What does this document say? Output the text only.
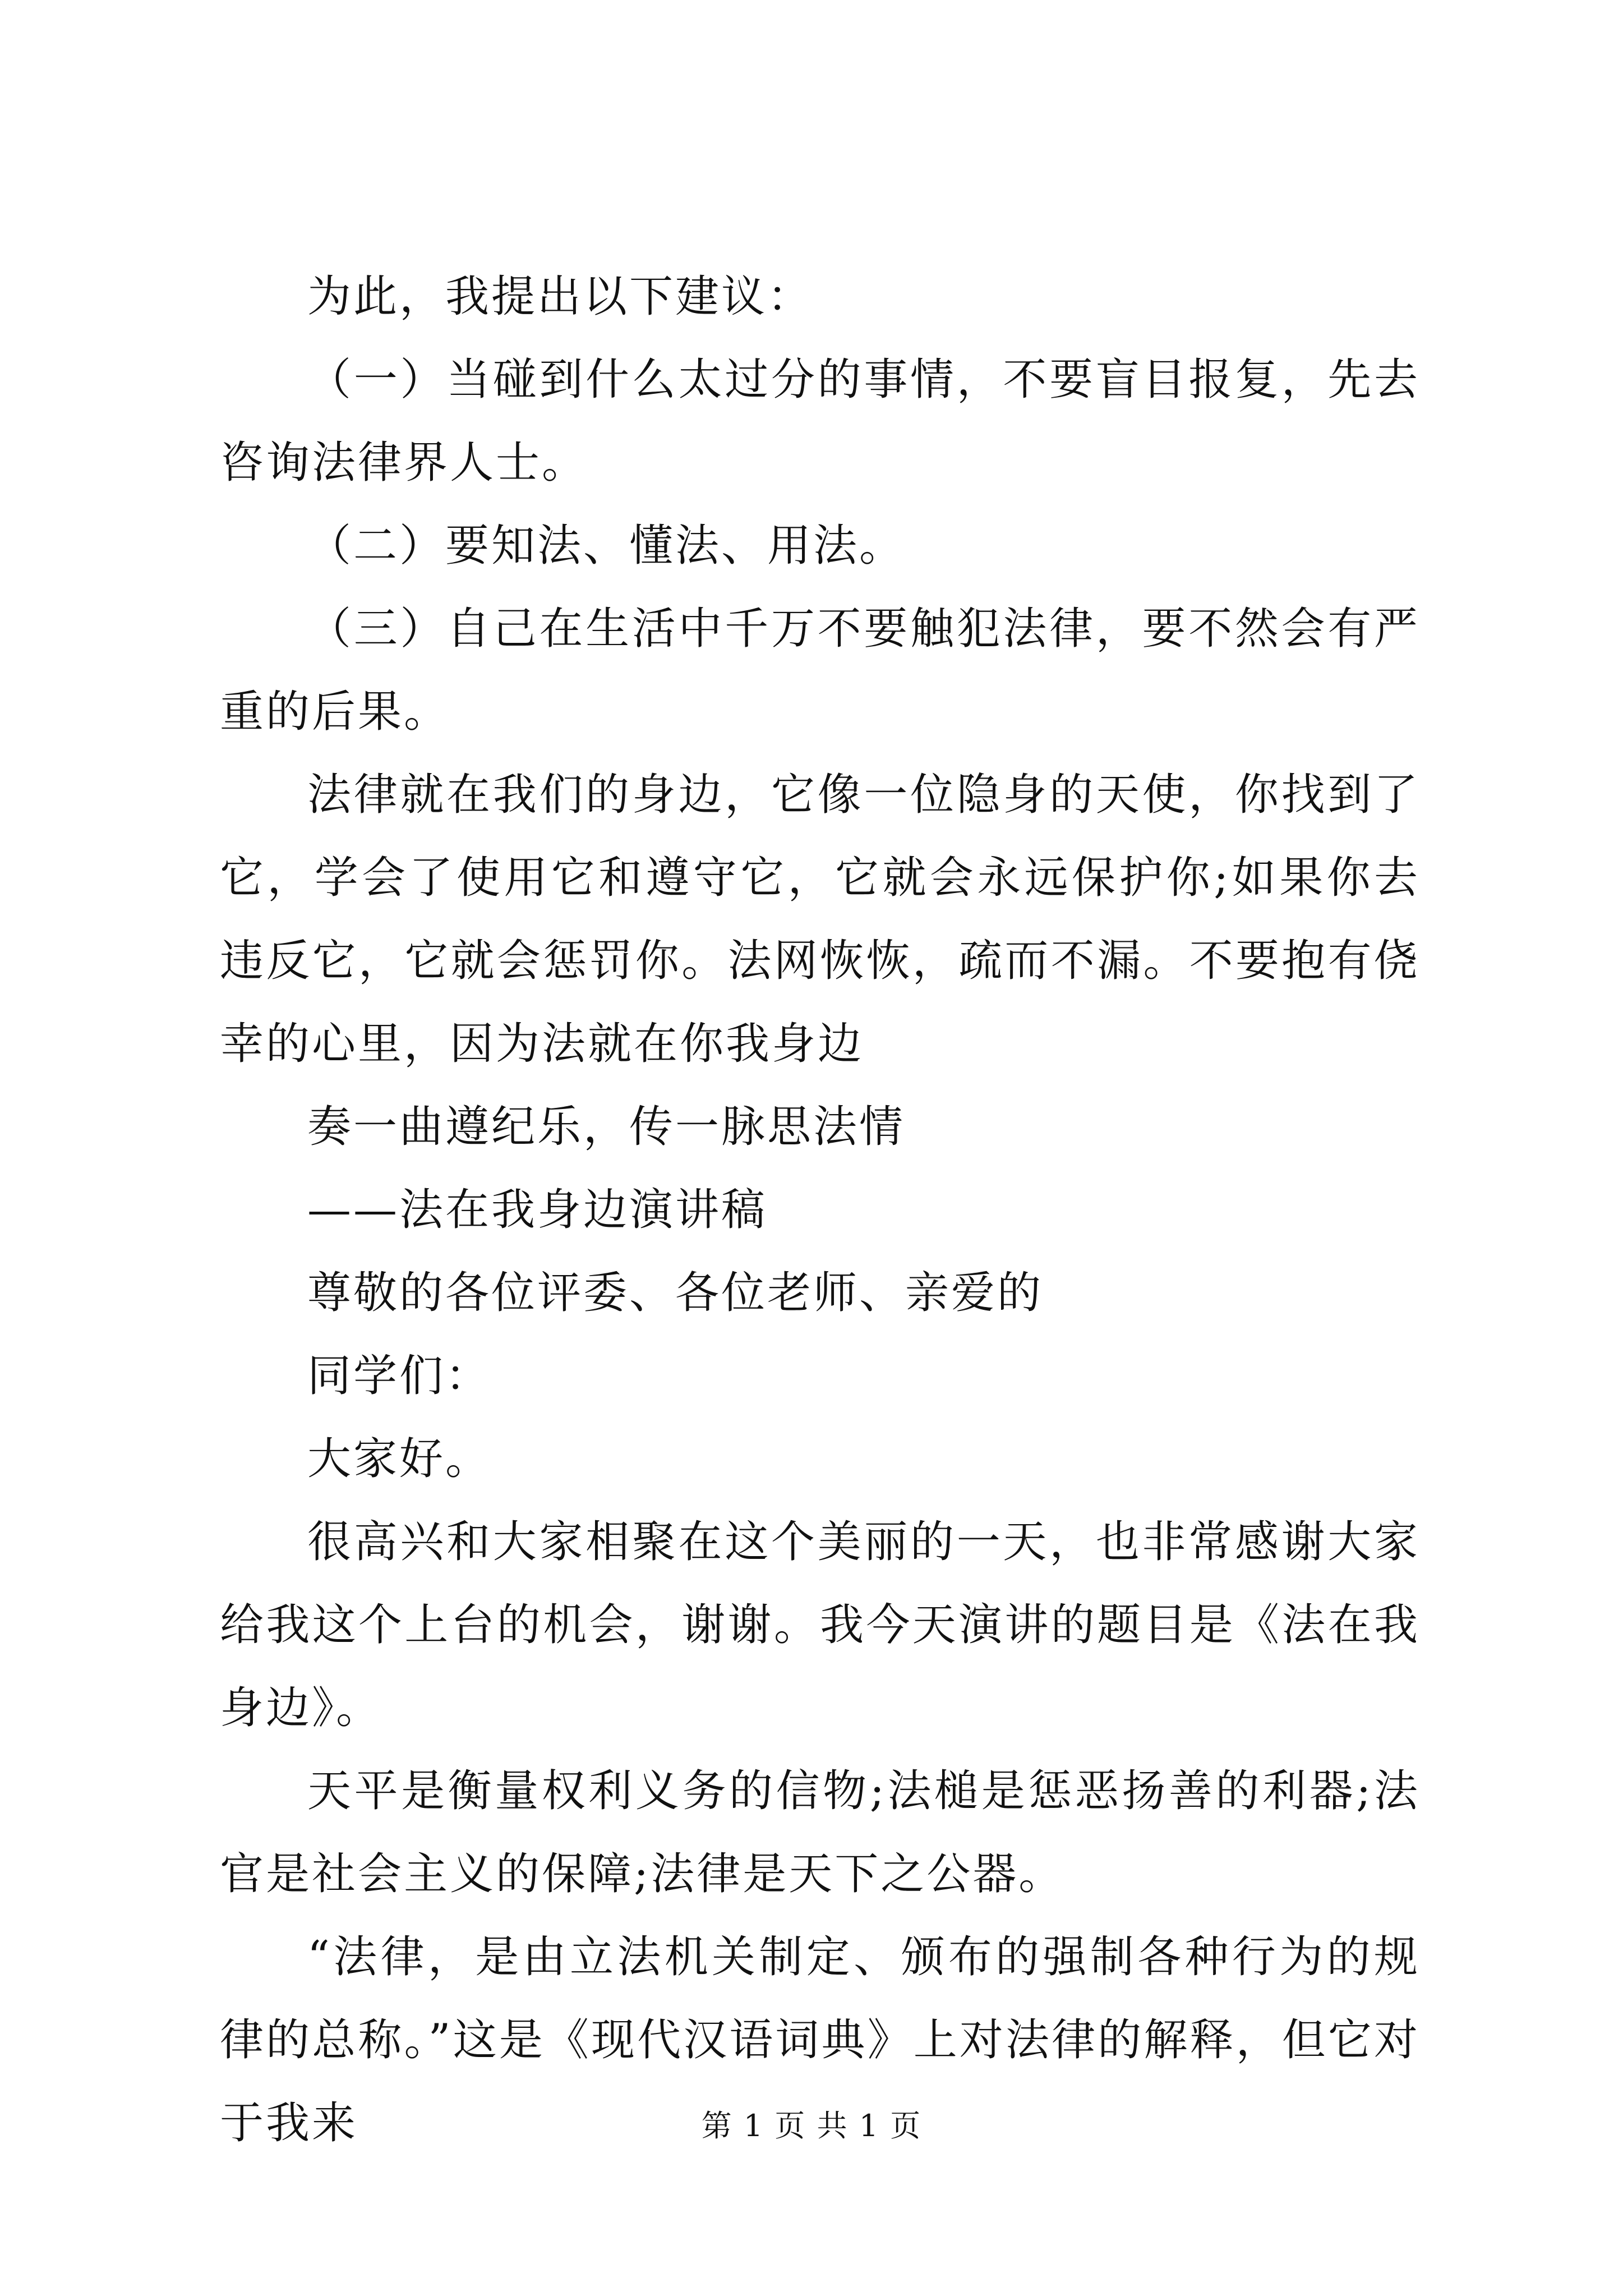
为此，我提出以下建议：

（一）当碰到什么太过分的事情，不要盲目报复，先去咨询法律界人士。

（二）要知法、懂法、用法。

（三）自己在生活中千万不要触犯法律，要不然会有严重的后果。

法律就在我们的身边，它像一位隐身的天使，你找到了它，学会了使用它和遵守它，它就会永远保护你;如果你去违反它，它就会惩罚你。法网恢恢，疏而不漏。不要抱有侥幸的心里，因为法就在你我身边

奏一曲遵纪乐，传一脉思法情

——法在我身边演讲稿

尊敬的各位评委、各位老师、亲爱的

同学们：

大家好。

很高兴和大家相聚在这个美丽的一天，也非常感谢大家给我这个上台的机会，谢谢。我今天演讲的题目是《法在我身边》。

天平是衡量权利义务的信物;法槌是惩恶扬善的利器;法官是社会主义的保障;法律是天下之公器。

“法律，是由立法机关制定、颁布的强制各种行为的规律的总称。”这是《现代汉语词典》上对法律的解释，但它对于我来	第 1 页 共 1 页
